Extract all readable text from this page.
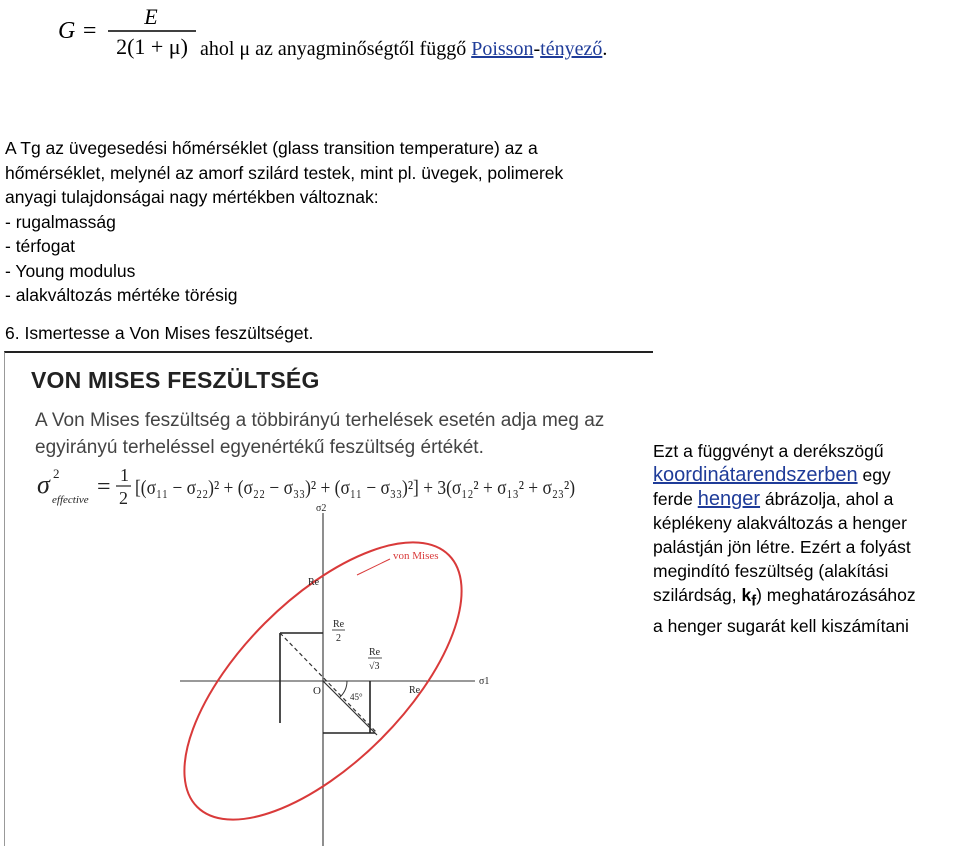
G =
E
2(1 + μ) ahol μ az anyagminőségtől függő Poisson-tényező.
A Tg az üvegesedési hőmérséklet (glass transition temperature) az a
hőmérséklet, melynél az amorf szilárd testek, mint pl. üvegek, polimerek
anyagi tulajdonságai nagy mértékben változnak:
- rugalmasság
- térfogat
- Young modulus
- alakváltozás mértéke törésig
6. Ismertesse a Von Mises feszültséget.
VON MISES FESZÜLTSÉG
A Von Mises feszültség a többirányú terhelések esetén adja meg az
egyirányú terheléssel egyenértékű feszültség értékét.
σ 2
effective = 1
2 [(σ₁₁ − σ₂₂)² + (σ₂₂ − σ₃₃)² + (σ₁₁ − σ₃₃)²] + 3(σ₁₂² + σ₁₃² + σ₂₃²)
σ2
σ1
von Mises
Re
Re
2
Re
√3
O	45°
Re
Ezt a függvényt a derékszögű
koordinátarendszerben egy
ferde henger ábrázolja, ahol a
képlékeny alakváltozás a henger
palástján jön létre. Ezért a folyást
megindító feszültség (alakítási
szilárdság, $k_f$) meghatározásához
a henger sugarát kell kiszámítani
